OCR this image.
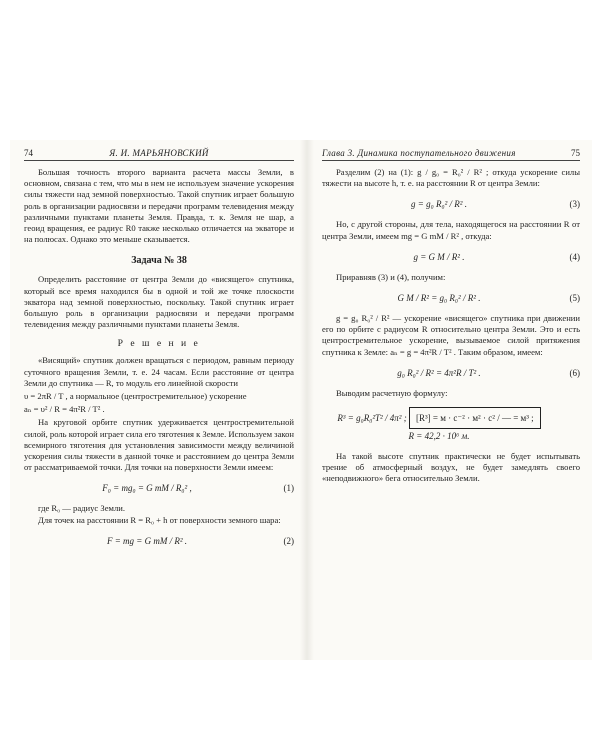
74	Я. И. МАРЬЯНОВСКИЙ

Большая точность второго варианта расчета массы Земли, в основном, связана с тем, что мы в нем не используем значение ускорения силы тяжести над земной поверхностью. Такой спутник играет большую роль в организации радиосвязи и передачи программ телевидения между различными пунктами планеты Земля. Правда, т. к. Земля не шар, а геоид вращения, ее радиус R0 также несколько отличается на экваторе и на полюсах. Однако это меньше сказывается.

Задача № 38

Определить расстояние от центра Земли до «висящего» спутника, который все время находился бы в одной и той же точке плоскости экватора над земной поверхностью, поскольку. Такой спутник играет большую роль в организации радиосвязи и передачи программ телевидения между различными пунктами планеты Земля.

Р е ш е н и е

«Висящий» спутник должен вращаться с периодом, равным периоду суточного вращения Земли, т. е. 24 часам. Если расстояние от центра Земли до спутника — R, то модуль его линейной скорости

υ = 2πR / T , а нормальное (центростремительное) ускорение
aₙ = υ² / R = 4π²R / T² .

На круговой орбите спутник удерживается центростремительной силой, роль которой играет сила его тяготения к Земле. Используем закон всемирного тяготения для установления зависимости между величиной ускорения силы тяжести в данной точке и расстоянием до центра Земли от рассматриваемой точки. Для точки на поверхности Земли имеем:

F₀ = mg₀ = G mM / R₀² ,	(1)

где R₀ — радиус Земли.

Для точек на расстоянии R = R₀ + h от поверхности земного шара:

F = mg = G mM / R² .	(2)
Глава 3. Динамика поступательного движения	75

Разделим (2) на (1): g / g₀ = R₀² / R² ; откуда ускорение силы тяжести на высоте h, т. е. на расстоянии R от центра Земли:

g = g₀ R₀² / R² .	(3)

Но, с другой стороны, для тела, находящегося на расстоянии R от центра Земли, имеем mg = G mM / R² , откуда:

g = G M / R² .	(4)

Приравняв (3) и (4), получим:

G M / R² = g₀ R₀² / R² .	(5)

g = g₀ R₀² / R² — ускорение «висящего» спутника при движении его по орбите с радиусом R относительно центра Земли. Это и есть центростремительное ускорение, вызываемое силой притяжения спутника к Земле: aₙ = g = 4π²R / T² . Таким образом, имеем:

g₀ R₀² / R² = 4π²R / T² .	(6)

Выводим расчетную формулу:

R³ = g₀R₀²T² / 4π² ; [R³] = м · с⁻² · м² · с² / — = м³ ;
R = 42,2 · 10⁶ м.

На такой высоте спутник практически не будет испытывать трение об атмосферный воздух, не будет замедлять своего «неподвижного» бега относительно Земли.
